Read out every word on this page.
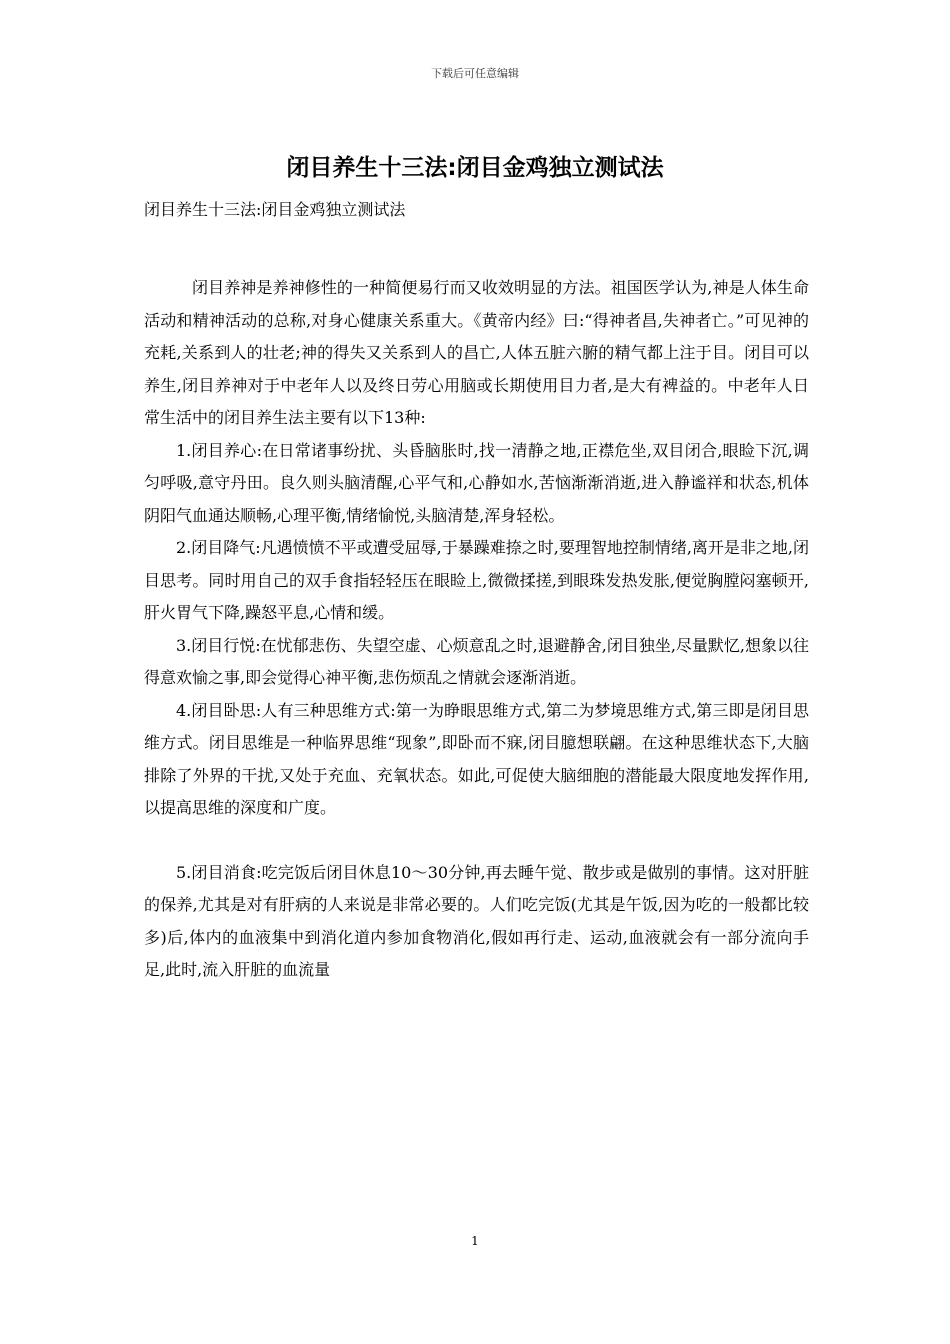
下载后可任意编辑
闭目养生十三法:闭目金鸡独立测试法
闭目养生十三法:闭目金鸡独立测试法

闭目养神是养神修性的一种简便易行而又收效明显的方法。祖国医学认为,神是人体生命活动和精神活动的总称,对身心健康关系重大。《黄帝内经》曰:“得神者昌,失神者亡。”可见神的充耗,关系到人的壮老;神的得失又关系到人的昌亡,人体五脏六腑的精气都上注于目。闭目可以养生,闭目养神对于中老年人以及终日劳心用脑或长期使用目力者,是大有裨益的。中老年人日常生活中的闭目养生法主要有以下13种:

1.闭目养心:在日常诸事纷扰、头昏脑胀时,找一清静之地,正襟危坐,双目闭合,眼睑下沉,调匀呼吸,意守丹田。良久则头脑清醒,心平气和,心静如水,苦恼渐渐消逝,进入静谧祥和状态,机体阴阳气血通达顺畅,心理平衡,情绪愉悦,头脑清楚,浑身轻松。

2.闭目降气:凡遇愤愤不平或遭受屈辱,于暴躁难捺之时,要理智地控制情绪,离开是非之地,闭目思考。同时用自己的双手食指轻轻压在眼睑上,微微揉搓,到眼珠发热发胀,便觉胸膛闷塞顿开,肝火胃气下降,躁怒平息,心情和缓。

3.闭目行悦:在忧郁悲伤、失望空虚、心烦意乱之时,退避静舍,闭目独坐,尽量默忆,想象以往得意欢愉之事,即会觉得心神平衡,悲伤烦乱之情就会逐渐消逝。

4.闭目卧思:人有三种思维方式:第一为睁眼思维方式,第二为梦境思维方式,第三即是闭目思维方式。闭目思维是一种临界思维“现象”,即卧而不寐,闭目臆想联翩。在这种思维状态下,大脑排除了外界的干扰,又处于充血、充氧状态。如此,可促使大脑细胞的潜能最大限度地发挥作用,以提高思维的深度和广度。

5.闭目消食:吃完饭后闭目休息10～30分钟,再去睡午觉、散步或是做别的事情。这对肝脏的保养,尤其是对有肝病的人来说是非常必要的。人们吃完饭(尤其是午饭,因为吃的一般都比较多)后,体内的血液集中到消化道内参加食物消化,假如再行走、运动,血液就会有一部分流向手足,此时,流入肝脏的血流量

1
